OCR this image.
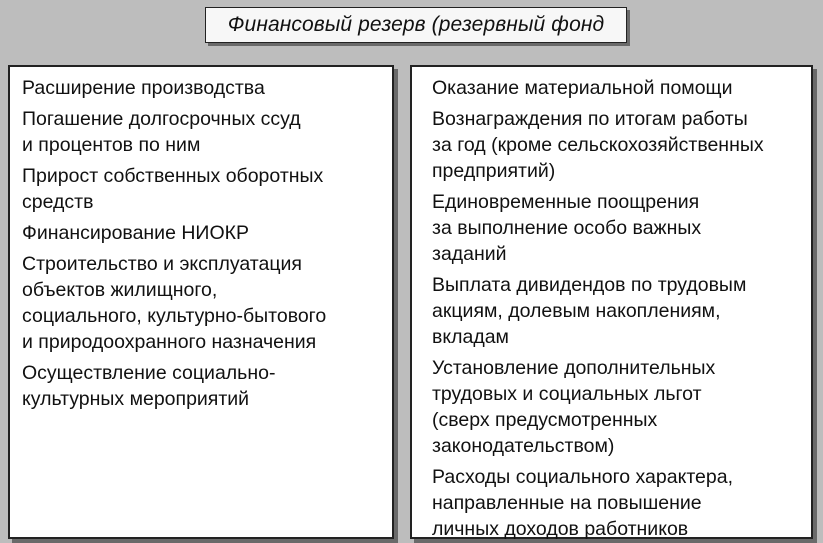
Финансовый резерв (резервный фонд
Расширение производства
Погашение долгосрочных ссуд
и процентов по ним
Прирост собственных оборотных
средств
Финансирование НИОКР
Строительство и эксплуатация
объектов жилищного,
социального, культурно-бытового
и природоохранного назначения
Осуществление социально-
культурных мероприятий
Оказание материальной помощи
Вознаграждения по итогам работы
за год (кроме сельскохозяйственных
предприятий)
Единовременные поощрения
за выполнение особо важных
заданий
Выплата дивидендов по трудовым
акциям, долевым накоплениям,
вкладам
Установление дополнительных
трудовых и социальных льгот
(сверх предусмотренных
законодательством)
Расходы социального характера,
направленные на повышение
личных доходов работников
